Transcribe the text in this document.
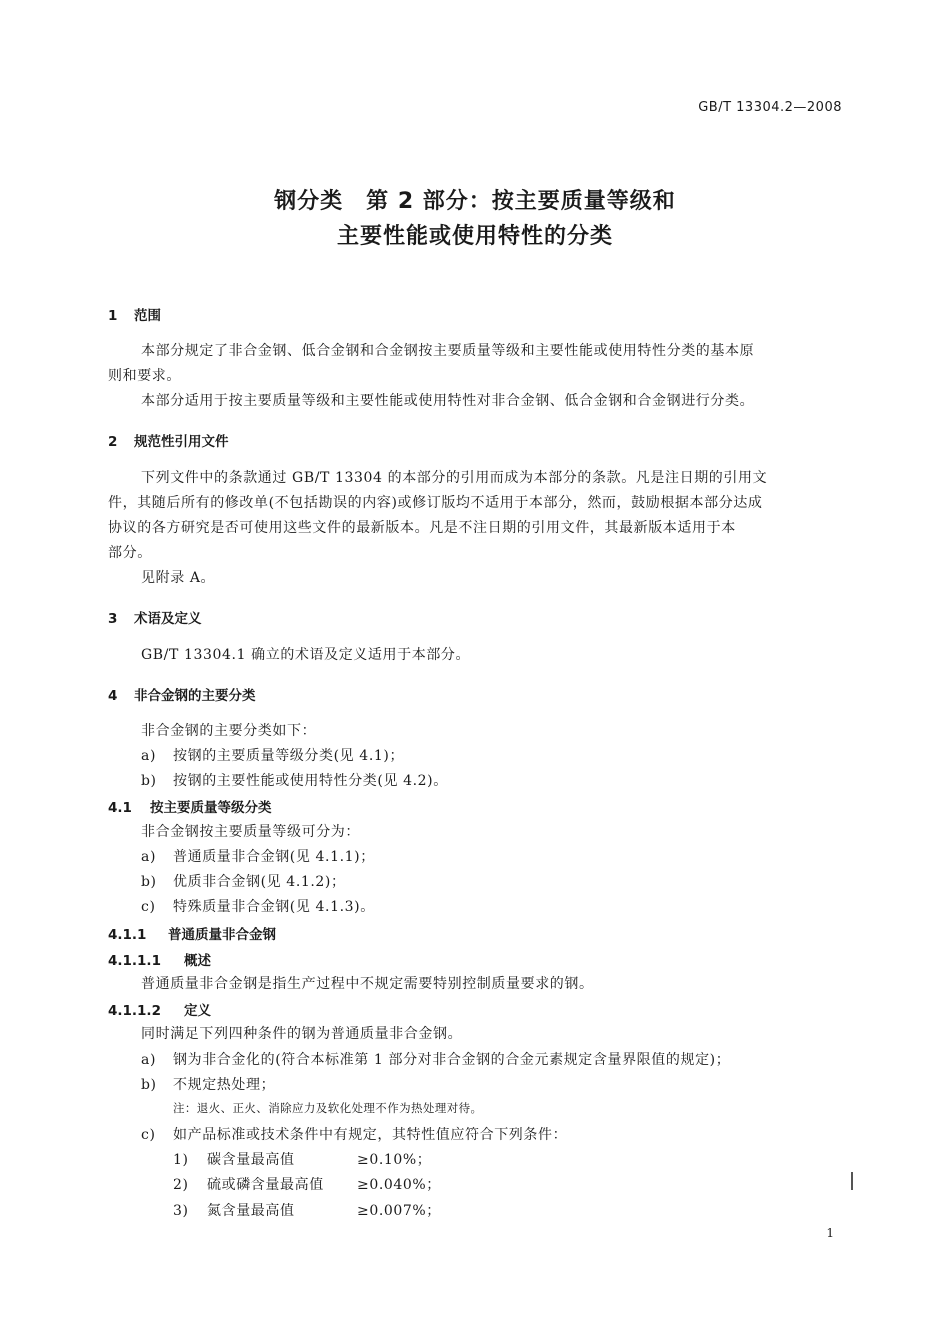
GB/T 13304.2—2008
钢分类　第 2 部分：按主要质量等级和
主要性能或使用特性的分类
1 范围
本部分规定了非合金钢、低合金钢和合金钢按主要质量等级和主要性能或使用特性分类的基本原
则和要求。
本部分适用于按主要质量等级和主要性能或使用特性对非合金钢、低合金钢和合金钢进行分类。
2 规范性引用文件
下列文件中的条款通过 GB/T 13304 的本部分的引用而成为本部分的条款。凡是注日期的引用文
件，其随后所有的修改单(不包括勘误的内容)或修订版均不适用于本部分，然而，鼓励根据本部分达成
协议的各方研究是否可使用这些文件的最新版本。凡是不注日期的引用文件，其最新版本适用于本
部分。
见附录 A。
3 术语及定义
GB/T 13304.1 确立的术语及定义适用于本部分。
4 非合金钢的主要分类
非合金钢的主要分类如下：
a) 按钢的主要质量等级分类(见 4.1)；
b) 按钢的主要性能或使用特性分类(见 4.2)。
4.1 按主要质量等级分类
非合金钢按主要质量等级可分为：
a) 普通质量非合金钢(见 4.1.1)；
b) 优质非合金钢(见 4.1.2)；
c) 特殊质量非合金钢(见 4.1.3)。
4.1.1 普通质量非合金钢
4.1.1.1 概述
普通质量非合金钢是指生产过程中不规定需要特别控制质量要求的钢。
4.1.1.2 定义
同时满足下列四种条件的钢为普通质量非合金钢。
a) 钢为非合金化的(符合本标准第 1 部分对非合金钢的合金元素规定含量界限值的规定)；
b) 不规定热处理；
注：退火、正火、消除应力及软化处理不作为热处理对待。
c) 如产品标准或技术条件中有规定，其特性值应符合下列条件：
1) 碳含量最高值	≥0.10%；
2) 硫或磷含量最高值 ≥0.040%；
3) 氮含量最高值	≥0.007%；
1
